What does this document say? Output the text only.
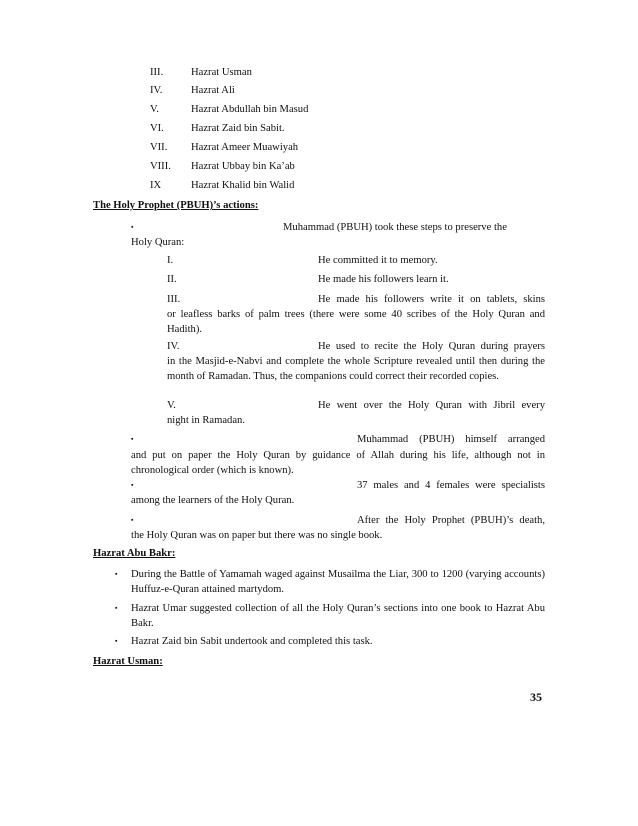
III.	Hazrat Usman
IV.	Hazrat Ali
V.	Hazrat Abdullah bin Masud
VI.	Hazrat Zaid bin Sabit.
VII. Hazrat Ameer Muawiyah
VIII. Hazrat Ubbay bin Ka’ab
IX	Hazrat Khalid bin Walid
The Holy Prophet (PBUH)’s actions:
▪	Muhammad (PBUH) took these steps to preserve the
Holy Quran:
I.	He committed it to memory.
II.	He made his followers learn it.
III.	He made his followers write it on tablets, skins
or leafless barks of palm trees (there were some 40 scribes of the Holy Quran and Hadith).
IV.	He used to recite the Holy Quran during prayers
in the Masjid-e-Nabvi and complete the whole Scripture revealed until then during the month of Ramadan. Thus, the companions could correct their recorded copies.
V.	He went over the Holy Quran with Jibril every
night in Ramadan.
▪	Muhammad (PBUH) himself arranged
and put on paper the Holy Quran by guidance of Allah during his life, although not in chronological order (which is known).
▪	37 males and 4 females were specialists
among the learners of the Holy Quran.
▪	After the Holy Prophet (PBUH)’s death,
the Holy Quran was on paper but there was no single book.
Hazrat Abu Bakr:
▪ During the Battle of Yamamah waged against Musailma the Liar, 300 to 1200 (varying accounts) Huffuz-e-Quran attained martydom.
▪ Hazrat Umar suggested collection of all the Holy Quran’s sections into one book to Hazrat Abu Bakr.
▪ Hazrat Zaid bin Sabit undertook and completed this task.
Hazrat Usman:
35
